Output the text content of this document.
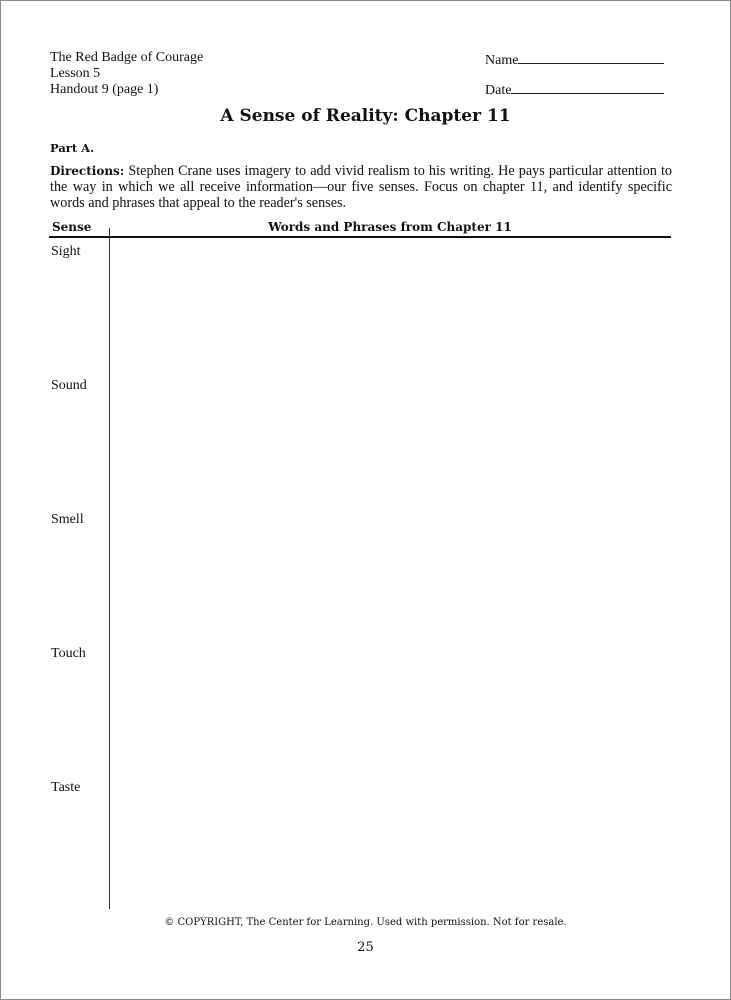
The Red Badge of Courage
Lesson 5
Handout 9 (page 1)
Name
Date
A Sense of Reality: Chapter 11
Part A.
Directions: Stephen Crane uses imagery to add vivid realism to his writing. He pays particular attention to the way in which we all receive information—our five senses. Focus on chapter 11, and identify specific words and phrases that appeal to the reader's senses.
Sense	Words and Phrases from Chapter 11
Sight
Sound
Smell
Touch
Taste
© COPYRIGHT, The Center for Learning. Used with permission. Not for resale.
25
